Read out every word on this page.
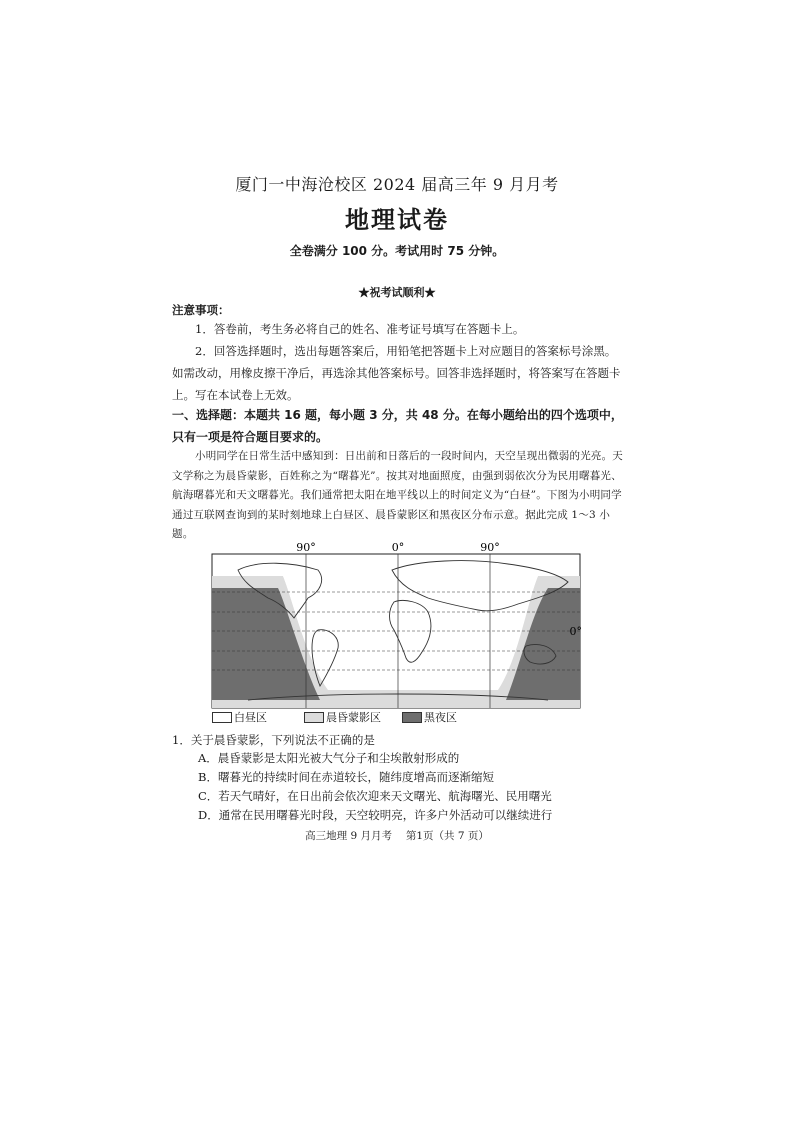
厦门一中海沧校区 2024 届高三年 9 月月考
地理试卷
全卷满分 100 分。考试用时 75 分钟。
★祝考试顺利★
注意事项：
1．答卷前，考生务必将自己的姓名、准考证号填写在答题卡上。
2．回答选择题时，选出每题答案后，用铅笔把答题卡上对应题目的答案标号涂黑。如需改动，用橡皮擦干净后，再选涂其他答案标号。回答非选择题时，将答案写在答题卡上。写在本试卷上无效。
一、选择题：本题共 16 题，每小题 3 分，共 48 分。在每小题给出的四个选项中，只有一项是符合题目要求的。
小明同学在日常生活中感知到：日出前和日落后的一段时间内，天空呈现出微弱的光亮。天文学称之为晨昏蒙影，百姓称之为“曙暮光”。按其对地面照度，由强到弱依次分为民用曙暮光、航海曙暮光和天文曙暮光。我们通常把太阳在地平线以上的时间定义为“白昼”。下图为小明同学通过互联网查询到的某时刻地球上白昼区、晨昏蒙影区和黑夜区分布示意。据此完成 1～3 小题。
90°	0°	90°
0°
白昼区	晨昏蒙影区	黑夜区
1．关于晨昏蒙影，下列说法不正确的是
A．晨昏蒙影是太阳光被大气分子和尘埃散射形成的
B．曙暮光的持续时间在赤道较长，随纬度增高而逐渐缩短
C．若天气晴好，在日出前会依次迎来天文曙光、航海曙光、民用曙光
D．通常在民用曙暮光时段，天空较明亮，许多户外活动可以继续进行
高三地理 9 月月考　 第1页（共 7 页）
